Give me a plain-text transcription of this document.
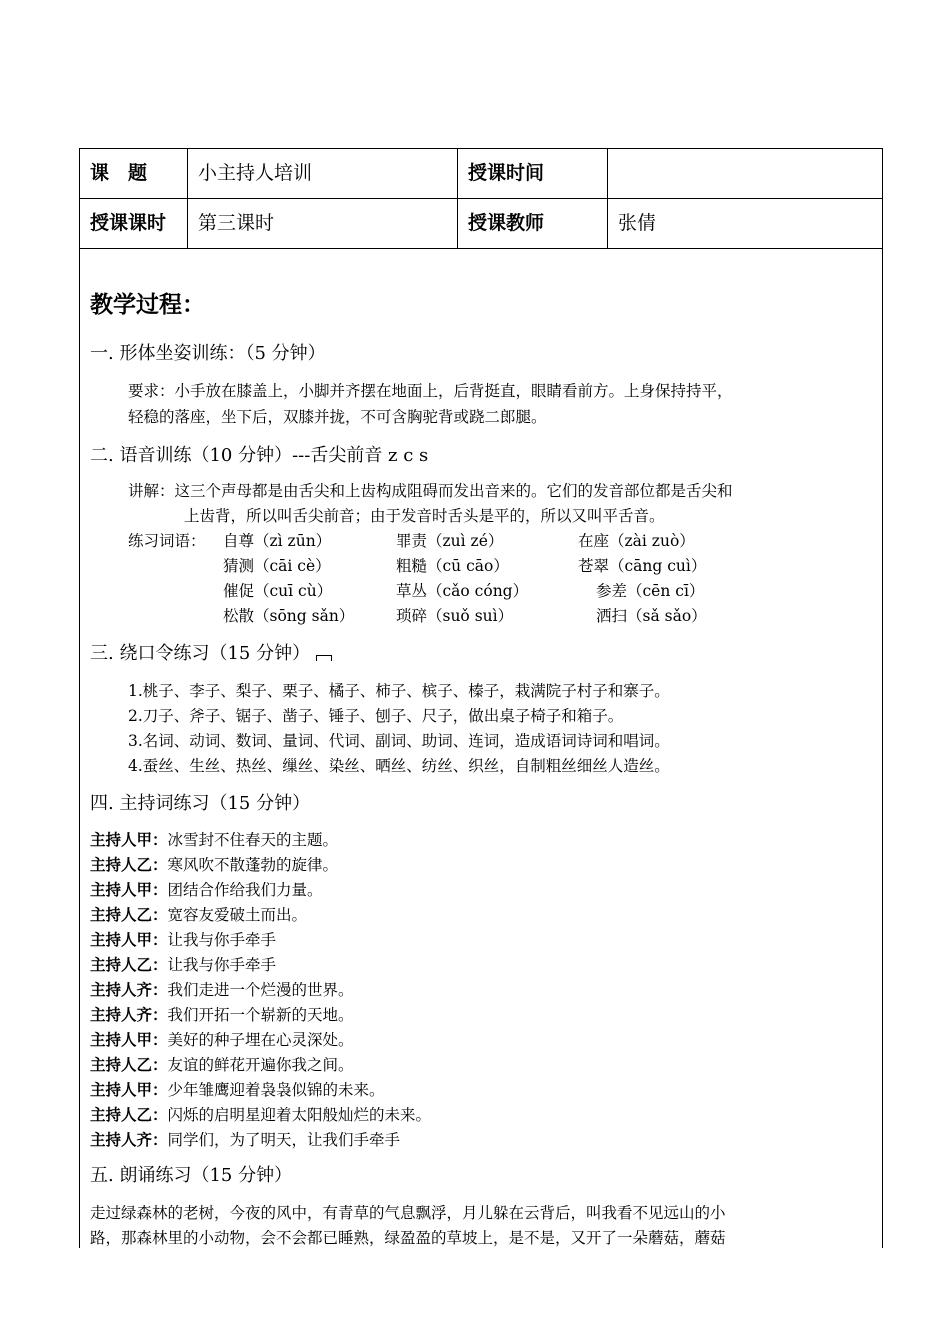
课　题	小主持人培训	授课时间
授课课时	第三课时	授课教师	张倩
教学过程：
一. 形体坐姿训练：（5 分钟）
要求：小手放在膝盖上，小脚并齐摆在地面上，后背挺直，眼睛看前方。上身保持持平，
轻稳的落座，坐下后，双膝并拢，不可含胸驼背或跷二郎腿。
二. 语音训练（10 分钟）---舌尖前音 z c s
讲解：这三个声母都是由舌尖和上齿构成阻碍而发出音来的。它们的发音部位都是舌尖和
上齿背，所以叫舌尖前音；由于发音时舌头是平的，所以又叫平舌音。
练习词语： 自尊（zì zūn）	罪责（zuì zé）	在座（zài zuò）
猜测（cāi cè）	粗糙（cū cāo）	苍翠（cāng cuì）
催促（cuī cù）	草丛（cǎo cóng）	参差（cēn cī）
松散（sōng sǎn）	琐碎（suǒ suì）	洒扫（sǎ sǎo）
三. 绕口令练习（15 分钟）
1.桃子、李子、梨子、栗子、橘子、柿子、槟子、榛子，栽满院子村子和寨子。
2.刀子、斧子、锯子、凿子、锤子、刨子、尺子，做出桌子椅子和箱子。
3.名词、动词、数词、量词、代词、副词、助词、连词，造成语词诗词和唱词。
4.蚕丝、生丝、热丝、缫丝、染丝、晒丝、纺丝、织丝，自制粗丝细丝人造丝。
四. 主持词练习（15 分钟）
主持人甲：冰雪封不住春天的主题。
主持人乙：寒风吹不散蓬勃的旋律。
主持人甲：团结合作给我们力量。
主持人乙：宽容友爱破土而出。
主持人甲：让我与你手牵手
主持人乙：让我与你手牵手
主持人齐：我们走进一个烂漫的世界。
主持人齐：我们开拓一个崭新的天地。
主持人甲：美好的种子埋在心灵深处。
主持人乙：友谊的鲜花开遍你我之间。
主持人甲：少年雏鹰迎着袅袅似锦的未来。
主持人乙：闪烁的启明星迎着太阳般灿烂的未来。
主持人齐：同学们，为了明天，让我们手牵手
五. 朗诵练习（15 分钟）
走过绿森林的老树，今夜的风中，有青草的气息飘浮，月儿躲在云背后，叫我看不见远山的小
路，那森林里的小动物，会不会都已睡熟，绿盈盈的草坡上，是不是，又开了一朵蘑菇，蘑菇
